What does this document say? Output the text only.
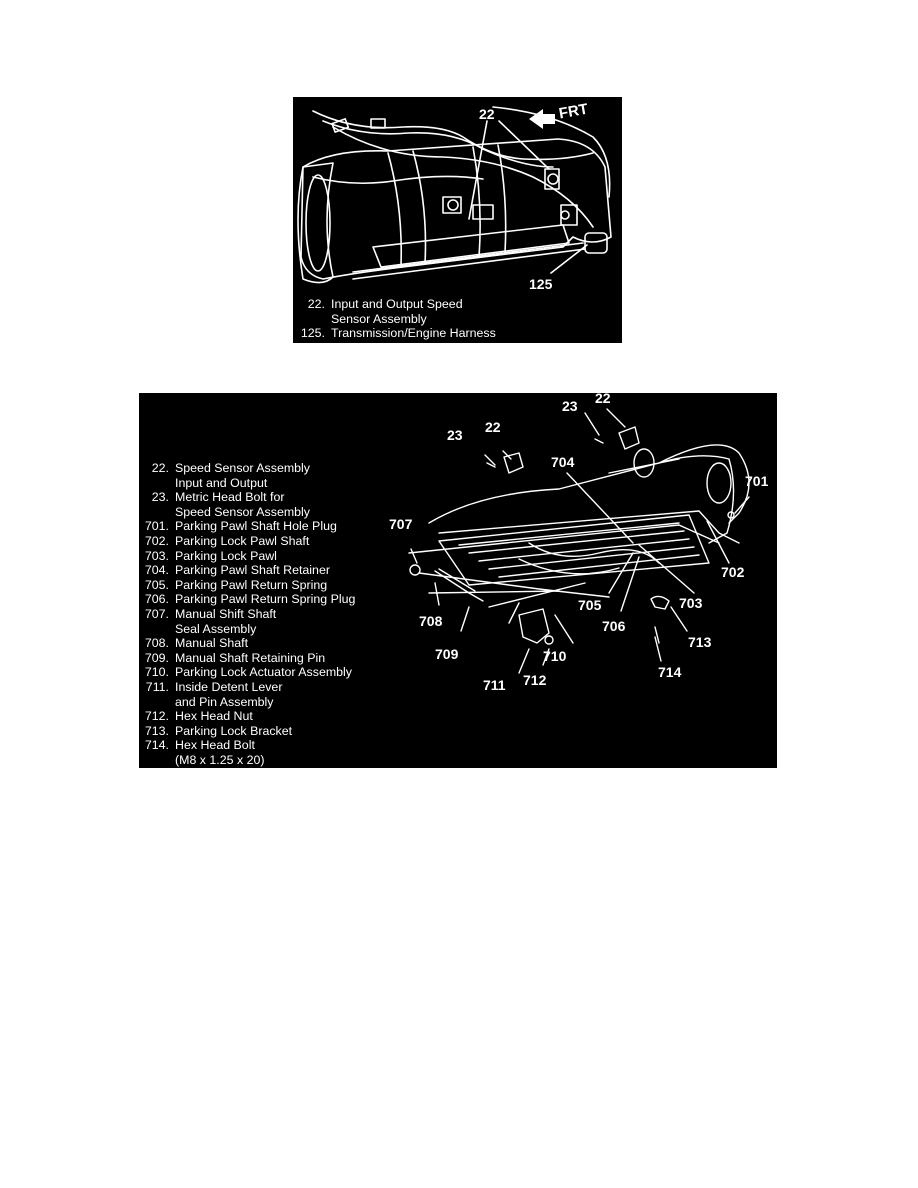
FRT
22
125
22. Input and Output Speed
Sensor Assembly
125. Transmission/Engine Harness
23 22
23 22
704
701
707
702
705	703
706
708
713
710
709
714
711 712
22. Speed Sensor Assembly
Input and Output
23. Metric Head Bolt for
Speed Sensor Assembly
701. Parking Pawl Shaft Hole Plug
702. Parking Lock Pawl Shaft
703. Parking Lock Pawl
704. Parking Pawl Shaft Retainer
705. Parking Pawl Return Spring
706. Parking Pawl Return Spring Plug
707. Manual Shift Shaft
Seal Assembly
708. Manual Shaft
709. Manual Shaft Retaining Pin
710. Parking Lock Actuator Assembly
711. Inside Detent Lever
and Pin Assembly
712. Hex Head Nut
713. Parking Lock Bracket
714. Hex Head Bolt
(M8 x 1.25 x 20)
